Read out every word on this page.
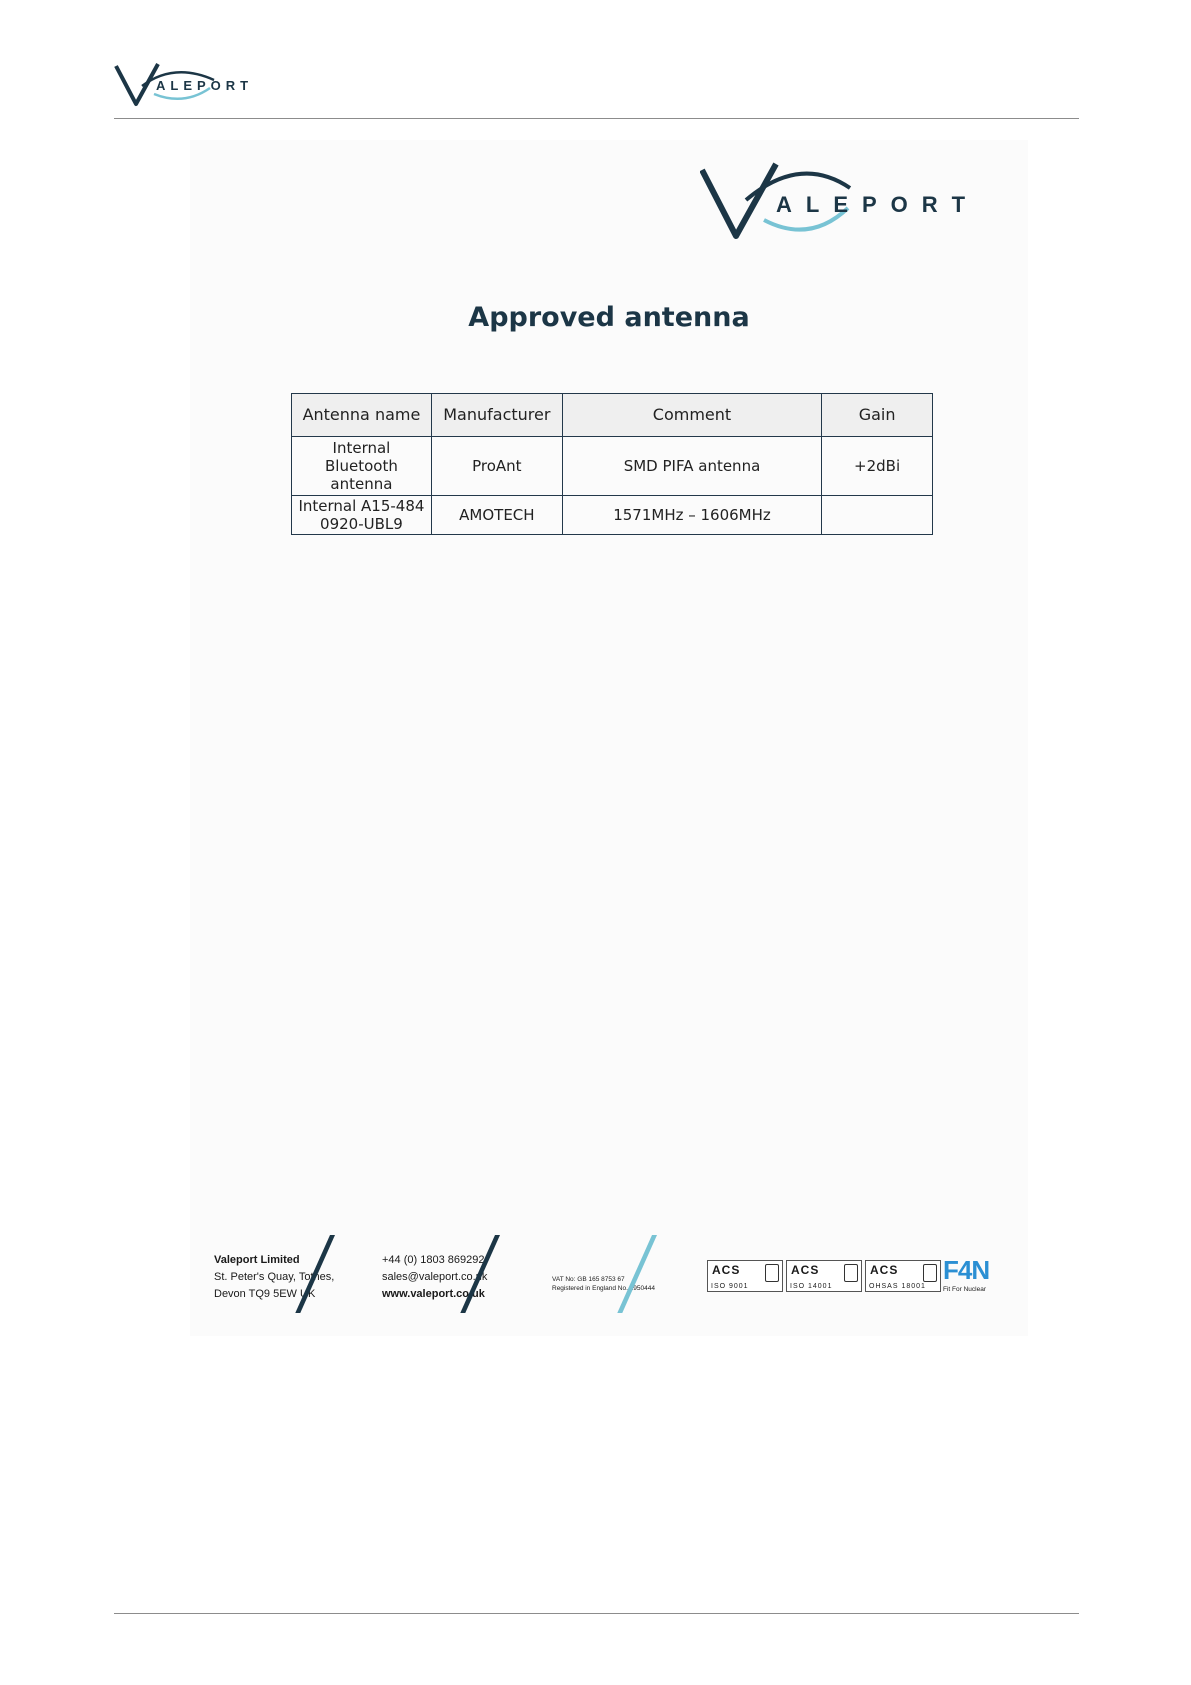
ALEPORT
ALEPORT
Approved antenna
Antenna name	Manufacturer	Comment	Gain
Internal Bluetooth antenna	ProAnt	SMD PIFA antenna	+2dBi
Internal A15-4840920-UBL9	AMOTECH	1571MHz – 1606MHz	

Valeport Limited

St. Peter's Quay, Totnes,

Devon TQ9 5EW UK

+44 (0) 1803 869292

sales@valeport.co.uk

www.valeport.co.uk

VAT No: GB 165 8753 67

Registered in England No. 1950444

ACS
ISO 9001
ACS
ISO 14001
ACS
OHSAS 18001
F4N
Fit For Nuclear
